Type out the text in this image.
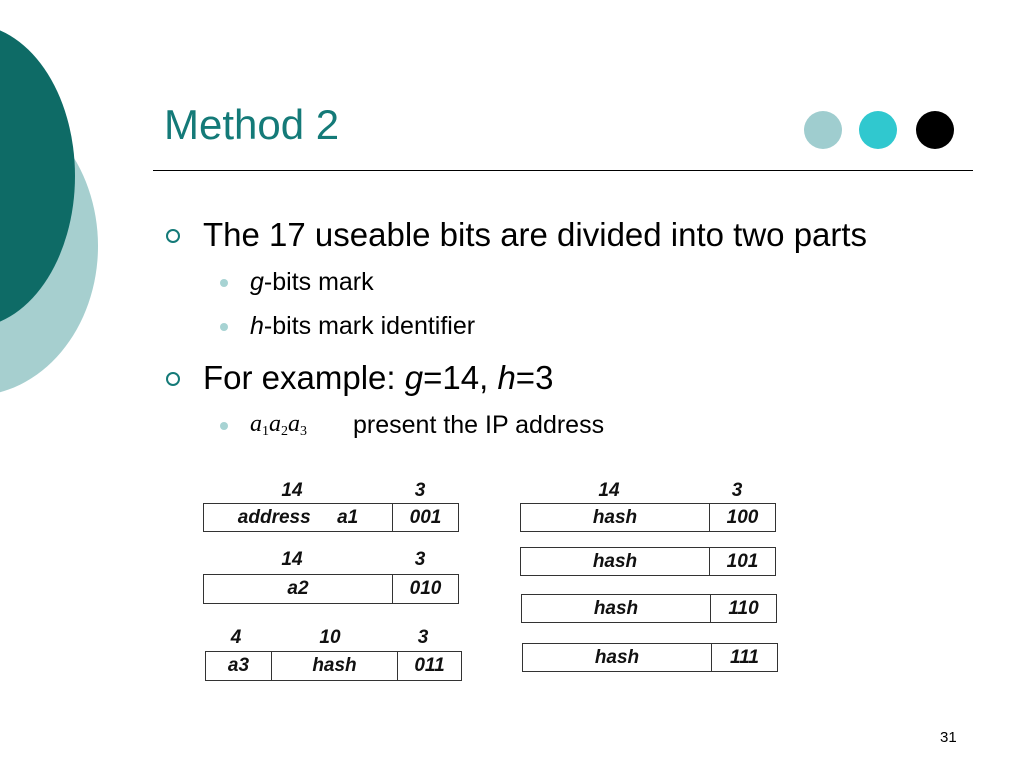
Method 2
The 17 useable bits are divided into two parts
g-bits mark
h-bits mark identifier
For example: g=14, h=3
present the IP address
$a_1a_2a_3$
14	3
address     a1	001
14	3
a2	010
4	10	3
a3	hash	011
14	3
hash	100
hash	101
hash	110
hash	111
31
